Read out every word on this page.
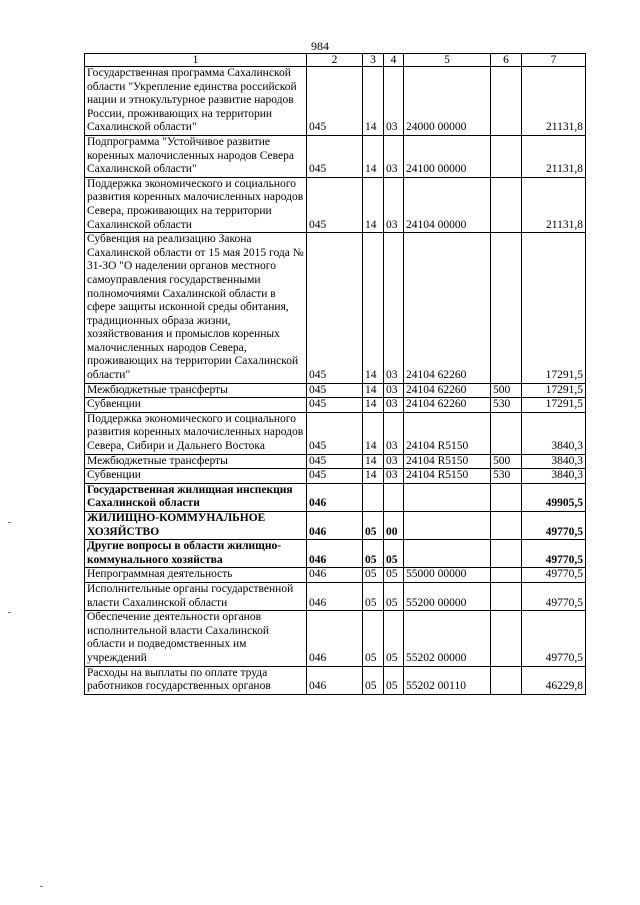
984
1	2	3	4	5	6	7
Государственная программа Сахалинской области "Укрепление единства российской нации и этнокультурное развитие народов России, проживающих на территории Сахалинской области"	045	14	03	24000 00000		21131,8
Подпрограмма "Устойчивое развитие коренных малочисленных народов Севера Сахалинской области"	045	14	03	24100 00000		21131,8
Поддержка экономического и социального развития коренных малочисленных народов Севера, проживающих на территории Сахалинской области	045	14	03	24104 00000		21131,8
Субвенция на реализацию Закона Сахалинской области от 15 мая 2015 года № 31-ЗО "О наделении органов местного самоуправления государственными полномочиями Сахалинской области в сфере защиты исконной среды обитания, традиционных образа жизни, хозяйствования и промыслов коренных малочисленных народов Севера, проживающих на территории Сахалинской области"	045	14	03	24104 62260		17291,5
Межбюджетные трансферты	045	14	03	24104 62260	500	17291,5
Субвенции	045	14	03	24104 62260	530	17291,5
Поддержка экономического и социального развития коренных малочисленных народов Севера, Сибири и Дальнего Востока	045	14	03	24104 R5150		3840,3
Межбюджетные трансферты	045	14	03	24104 R5150	500	3840,3
Субвенции	045	14	03	24104 R5150	530	3840,3
Государственная жилищная инспекция Сахалинской области	046					49905,5
ЖИЛИЩНО-КОММУНАЛЬНОЕ ХОЗЯЙСТВО	046	05	00			49770,5
Другие вопросы в области жилищно-коммунального хозяйства	046	05	05			49770,5
Непрограммная деятельность	046	05	05	55000 00000		49770,5
Исполнительные органы государственной власти Сахалинской области	046	05	05	55200 00000		49770,5
Обеспечение деятельности органов исполнительной власти Сахалинской области и подведомственных им учреждений	046	05	05	55202 00000		49770,5
Расходы на выплаты по оплате труда работников государственных органов	046	05	05	55202 00110		46229,8
